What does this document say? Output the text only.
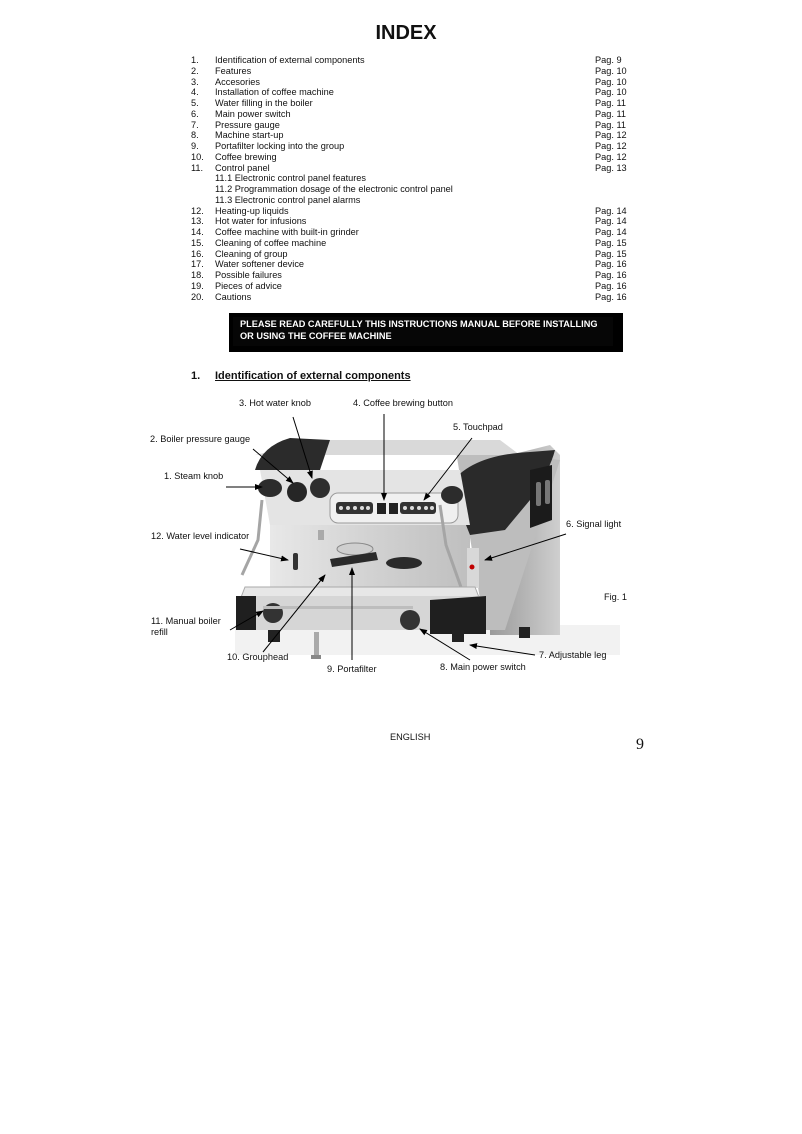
INDEX
1. Identification of external components	Pag. 9
2. Features	Pag. 10
3. Accesories	Pag. 10
4. Installation of coffee machine	Pag. 10
5. Water filling in the boiler	Pag. 11
6. Main power switch	Pag. 11
7. Pressure gauge	Pag. 11
8. Machine start-up	Pag. 12
9. Portafilter locking into the group	Pag. 12
10. Coffee brewing	Pag. 12
11. Control panel	Pag. 13
11.1 Electronic control panel features
11.2 Programmation dosage of the electronic control panel
11.3 Electronic control panel alarms
12. Heating-up liquids	Pag. 14
13. Hot water for infusions	Pag. 14
14. Coffee machine with built-in grinder	Pag. 14
15. Cleaning of coffee machine	Pag. 15
16. Cleaning of group	Pag. 15
17. Water softener device	Pag. 16
18. Possible failures	Pag. 16
19. Pieces of advice	Pag. 16
20. Cautions	Pag. 16
PLEASE READ CAREFULLY THIS INSTRUCTIONS MANUAL BEFORE INSTALLING
OR USING THE COFFEE MACHINE
1. Identification of external components
3. Hot water knob	4. Coffee brewing button
5. Touchpad
2. Boiler pressure gauge
1. Steam knob
6. Signal light
12. Water level indicator
11. Manual boiler
refill
10. Grouphead
9. Portafilter	8. Main power switch
7. Adjustable leg
Fig. 1
ENGLISH	9
